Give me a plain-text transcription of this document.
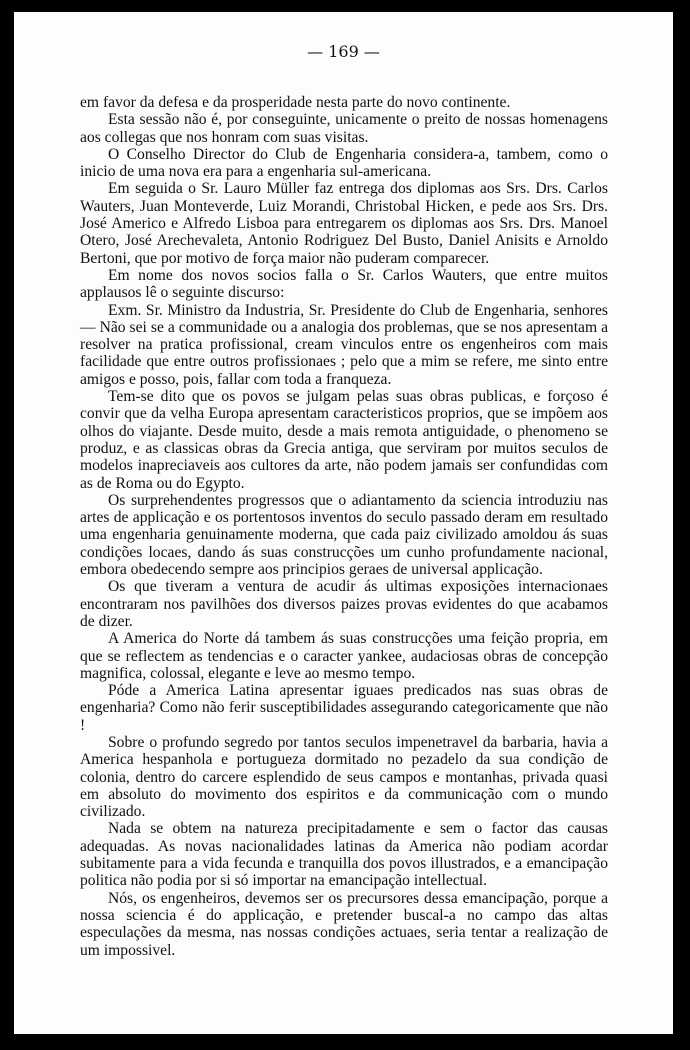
— 169 —

em favor da defesa e da prosperidade nesta parte do novo continente.

Esta sessão não é, por conseguinte, unicamente o preito de nossas homenagens aos collegas que nos honram com suas visitas.

O Conselho Director do Club de Engenharia considera-a, tambem, como o inicio de uma nova era para a engenharia sul-americana.

Em seguida o Sr. Lauro Müller faz entrega dos diplomas aos Srs. Drs. Carlos Wauters, Juan Monteverde, Luiz Morandi, Christobal Hicken, e pede aos Srs. Drs. José Americo e Alfredo Lisboa para entregarem os diplomas aos Srs. Drs. Manoel Otero, José Arechevaleta, Antonio Rodriguez Del Busto, Daniel Anisits e Arnoldo Bertoni, que por motivo de força maior não puderam comparecer.

Em nome dos novos socios falla o Sr. Carlos Wauters, que entre muitos applausos lê o seguinte discurso:

Exm. Sr. Ministro da Industria, Sr. Presidente do Club de Engenharia, senhores — Não sei se a communidade ou a analogia dos problemas, que se nos apresentam a resolver na pratica profissional, cream vinculos entre os engenheiros com mais facilidade que entre outros profissionaes ; pelo que a mim se refere, me sinto entre amigos e posso, pois, fallar com toda a franqueza.

Tem-se dito que os povos se julgam pelas suas obras publicas, e forçoso é convir que da velha Europa apresentam caracteristicos proprios, que se impõem aos olhos do viajante. Desde muito, desde a mais remota antiguidade, o phenomeno se produz, e as classicas obras da Grecia antiga, que serviram por muitos seculos de modelos inapreciaveis aos cultores da arte, não podem jamais ser confundidas com as de Roma ou do Egypto.

Os surprehendentes progressos que o adiantamento da sciencia introduziu nas artes de applicação e os portentosos inventos do seculo passado deram em resultado uma engenharia genuinamente moderna, que cada paiz civilizado amoldou ás suas condições locaes, dando ás suas construcções um cunho profundamente nacional, embora obedecendo sempre aos principios geraes de universal applicação.

Os que tiveram a ventura de acudir ás ultimas exposições internacionaes encontraram nos pavilhões dos diversos paizes provas evidentes do que acabamos de dizer.

A America do Norte dá tambem ás suas construcções uma feição propria, em que se reflectem as tendencias e o caracter yankee, audaciosas obras de concepção magnifica, colossal, elegante e leve ao mesmo tempo.

Póde a America Latina apresentar iguaes predicados nas suas obras de engenharia? Como não ferir susceptibilidades assegurando categoricamente que não !

Sobre o profundo segredo por tantos seculos impenetravel da barbaria, havia a America hespanhola e portugueza dormitado no pezadelo da sua condição de colonia, dentro do carcere esplendido de seus campos e montanhas, privada quasi em absoluto do movimento dos espiritos e da communicação com o mundo civilizado.

Nada se obtem na natureza precipitadamente e sem o factor das causas adequadas. As novas nacionalidades latinas da America não podiam acordar subitamente para a vida fecunda e tranquilla dos povos illustrados, e a emancipação politica não podia por si só importar na emancipação intellectual.

Nós, os engenheiros, devemos ser os precursores dessa emancipação, porque a nossa sciencia é do applicação, e pretender buscal-a no campo das altas especulações da mesma, nas nossas condições actuaes, seria tentar a realização de um impossivel.
